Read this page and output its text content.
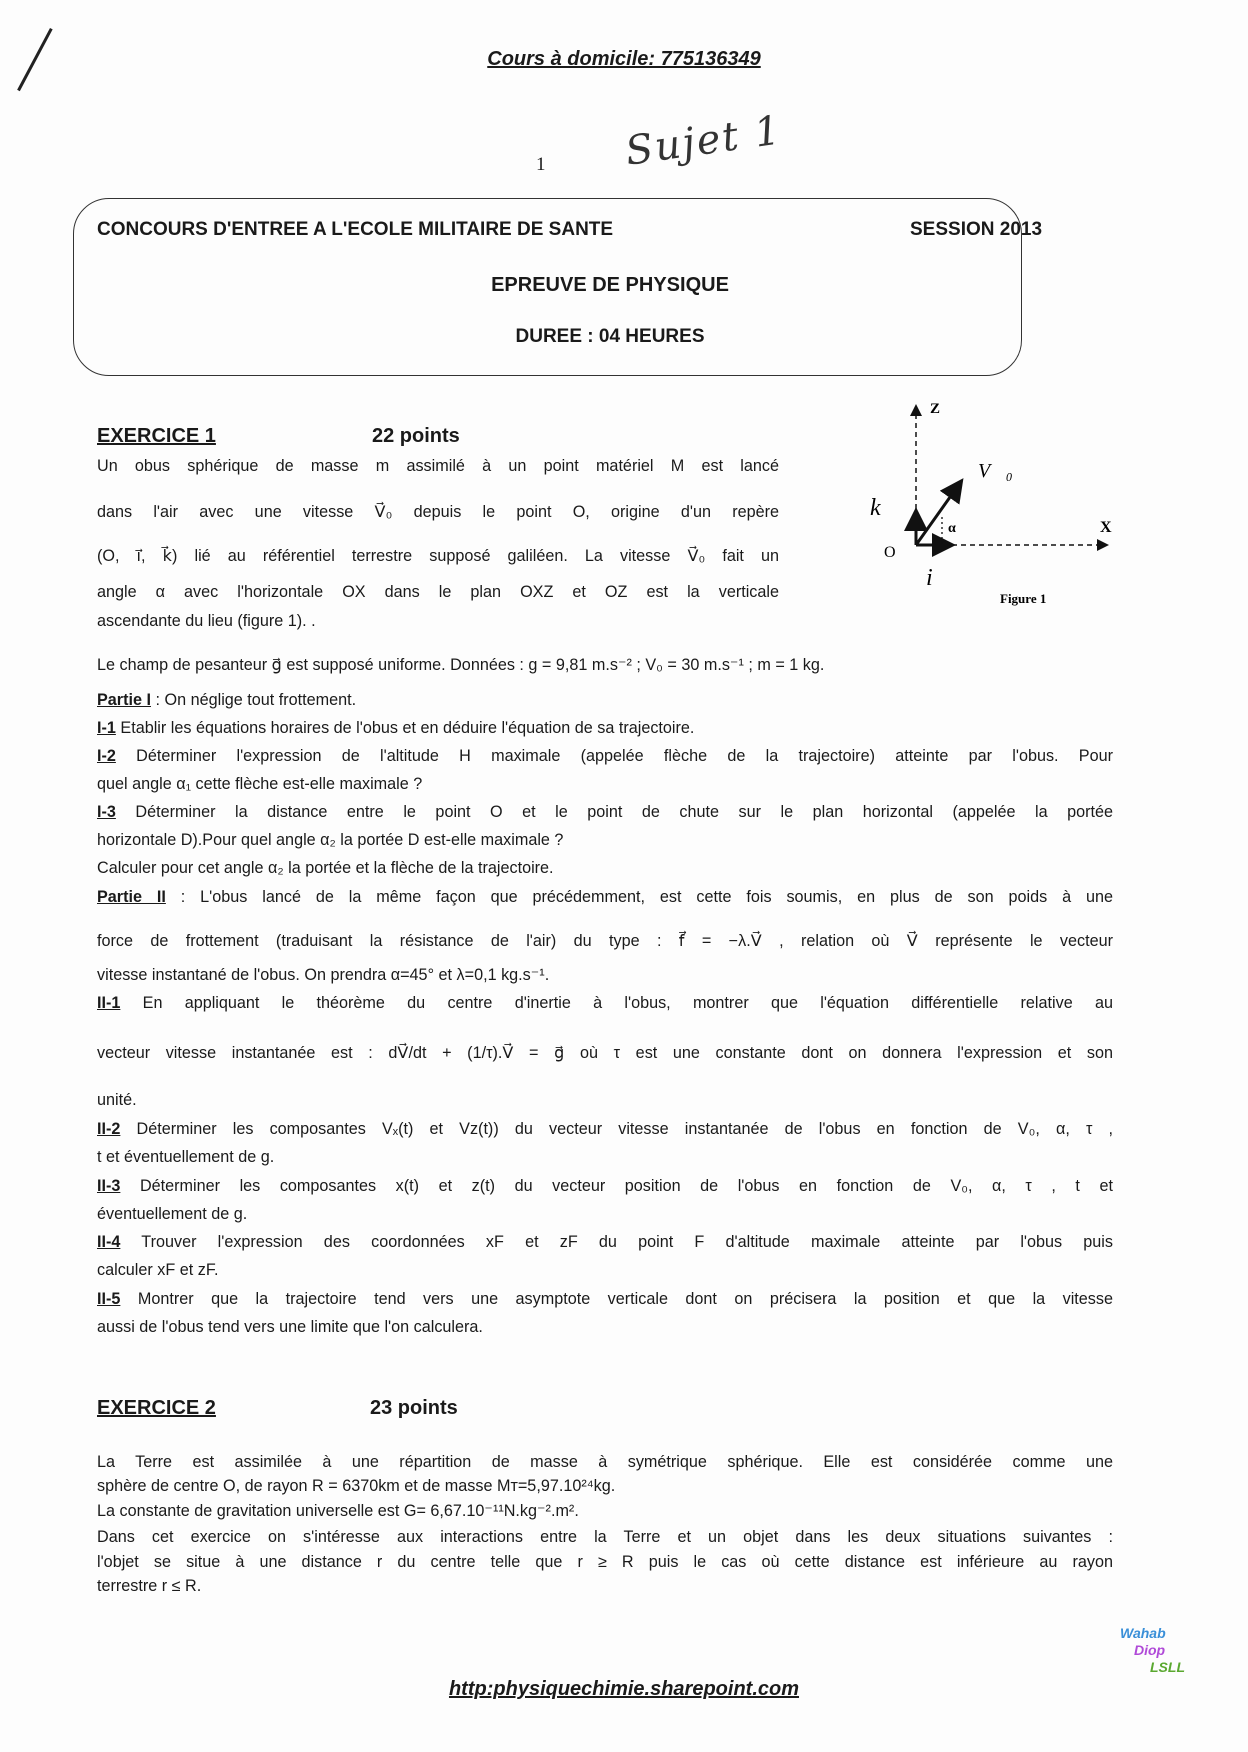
Cours à domicile: 775136349
1 Sujet 1
CONCOURS D'ENTREE A L'ECOLE MILITAIRE DE SANTE	SESSION 2013
EPREUVE DE PHYSIQUE
DUREE : 04 HEURES
EXERCICE 1	22 points
Z
X
O
k⃗
i⃗
V⃗₀
α
Figure 1
Un obus sphérique de masse m assimilé à un point matériel M est lancé
dans l'air avec une vitesse V⃗₀ depuis le point O, origine d'un repère
(O, i⃗, k⃗) lié au référentiel terrestre supposé galiléen. La vitesse V⃗₀ fait un
angle α avec l'horizontale OX dans le plan OXZ et OZ est la verticale
ascendante du lieu (figure 1). .
Le champ de pesanteur g⃗ est supposé uniforme. Données : g = 9,81 m.s⁻² ; V₀ = 30 m.s⁻¹ ; m = 1 kg.
Partie I : On néglige tout frottement.
I-1 Etablir les équations horaires de l'obus et en déduire l'équation de sa trajectoire.
I-2 Déterminer l'expression de l'altitude H maximale (appelée flèche de la trajectoire) atteinte par l'obus. Pour
quel angle α₁ cette flèche est-elle maximale ?
I-3 Déterminer la distance entre le point O et le point de chute sur le plan horizontal (appelée la portée
horizontale D).Pour quel angle α₂ la portée D est-elle maximale ?
Calculer pour cet angle α₂ la portée et la flèche de la trajectoire.
Partie II : L'obus lancé de la même façon que précédemment, est cette fois soumis, en plus de son poids à une
force de frottement (traduisant la résistance de l'air) du type : f⃗ = −λ.V⃗ , relation où V⃗ représente le vecteur
vitesse instantané de l'obus. On prendra α=45° et λ=0,1 kg.s⁻¹.
II-1 En appliquant le théorème du centre d'inertie à l'obus, montrer que l'équation différentielle relative au
vecteur vitesse instantanée est : dV⃗/dt + (1/τ).V⃗ = g⃗ où τ est une constante dont on donnera l'expression et son
unité.
II-2 Déterminer les composantes Vₓ(t) et Vz(t)) du vecteur vitesse instantanée de l'obus en fonction de V₀, α, τ ,
t et éventuellement de g.
II-3 Déterminer les composantes x(t) et z(t) du vecteur position de l'obus en fonction de V₀, α, τ , t et
éventuellement de g.
II-4 Trouver l'expression des coordonnées xF et zF du point F d'altitude maximale atteinte par l'obus puis
calculer xF et zF.
II-5 Montrer que la trajectoire tend vers une asymptote verticale dont on précisera la position et que la vitesse
aussi de l'obus tend vers une limite que l'on calculera.
EXERCICE 2	23 points
La Terre est assimilée à une répartition de masse à symétrique sphérique. Elle est considérée comme une
sphère de centre O, de rayon R = 6370km et de masse Mт=5,97.10²⁴kg.
La constante de gravitation universelle est G= 6,67.10⁻¹¹N.kg⁻².m².
Dans cet exercice on s'intéresse aux interactions entre la Terre et un objet dans les deux situations suivantes :
l'objet se situe à une distance r du centre telle que r ≥ R puis le cas où cette distance est inférieure au rayon
terrestre r ≤ R.
http:physiquechimie.sharepoint.com
Wahab
Diop
LSLL
